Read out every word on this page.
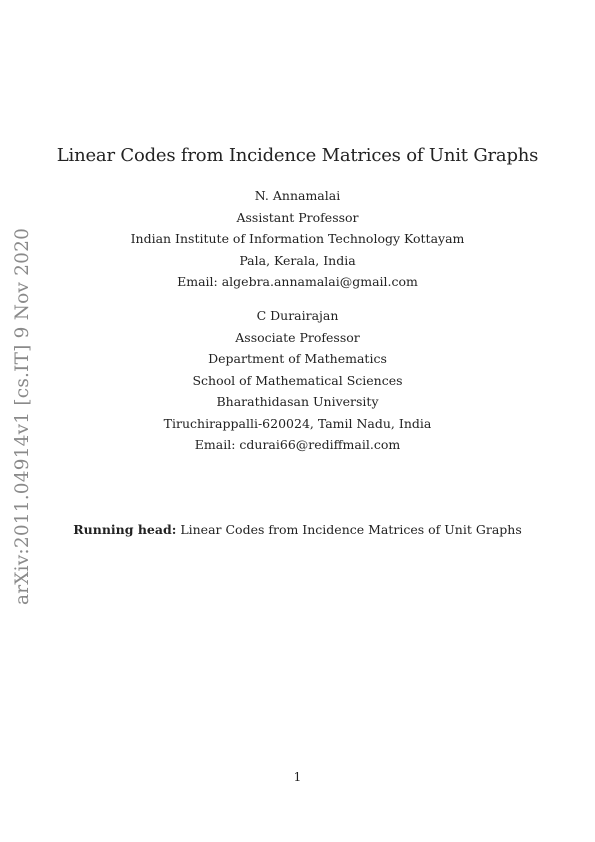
Linear Codes from Incidence Matrices of Unit Graphs
N. Annamalai
Assistant Professor
Indian Institute of Information Technology Kottayam
Pala, Kerala, India
Email: algebra.annamalai@gmail.com
C Durairajan
Associate Professor
Department of Mathematics
School of Mathematical Sciences
Bharathidasan University
Tiruchirappalli-620024, Tamil Nadu, India
Email: cdurai66@rediffmail.com
Running head: Linear Codes from Incidence Matrices of Unit Graphs
1
arXiv:2011.04914v1 [cs.IT] 9 Nov 2020
